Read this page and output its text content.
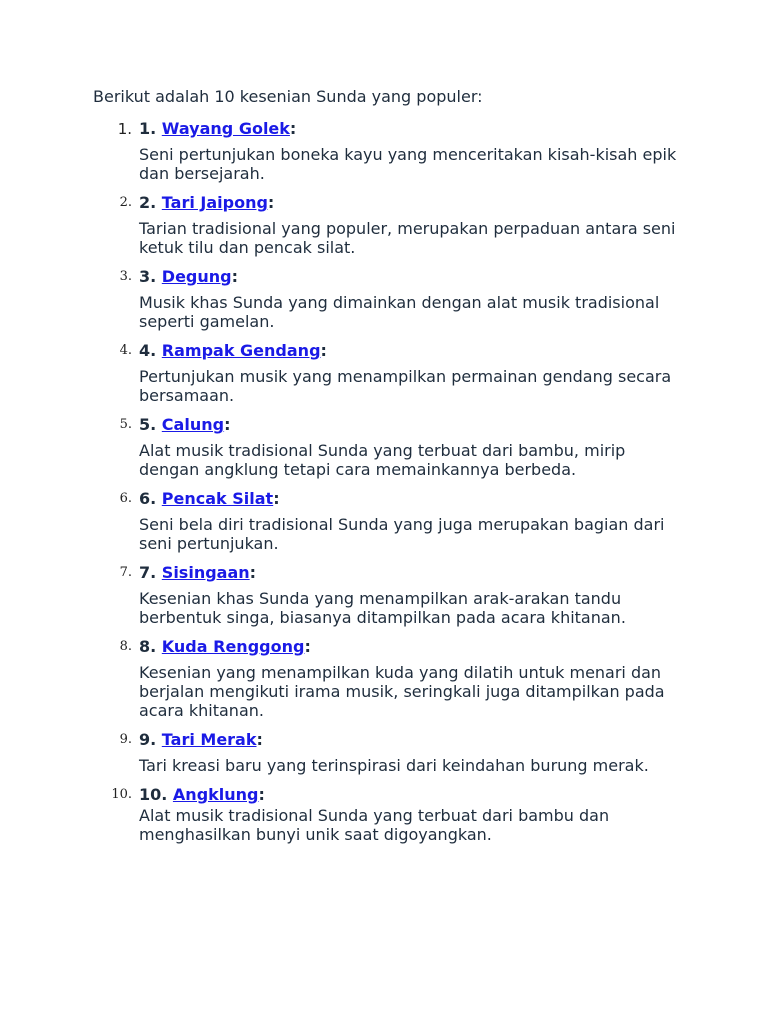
Berikut adalah 10 kesenian Sunda yang populer:
1. 1. Wayang Golek:
Seni pertunjukan boneka kayu yang menceritakan kisah-kisah epik dan bersejarah.
2. 2. Tari Jaipong:
Tarian tradisional yang populer, merupakan perpaduan antara seni ketuk tilu dan pencak silat.
3. 3. Degung:
Musik khas Sunda yang dimainkan dengan alat musik tradisional seperti gamelan.
4. 4. Rampak Gendang:
Pertunjukan musik yang menampilkan permainan gendang secara bersamaan.
5. 5. Calung:
Alat musik tradisional Sunda yang terbuat dari bambu, mirip dengan angklung tetapi cara memainkannya berbeda.
6. 6. Pencak Silat:
Seni bela diri tradisional Sunda yang juga merupakan bagian dari seni pertunjukan.
7. 7. Sisingaan:
Kesenian khas Sunda yang menampilkan arak-arakan tandu berbentuk singa, biasanya ditampilkan pada acara khitanan.
8. 8. Kuda Renggong:
Kesenian yang menampilkan kuda yang dilatih untuk menari dan berjalan mengikuti irama musik, seringkali juga ditampilkan pada acara khitanan.
9. 9. Tari Merak:
Tari kreasi baru yang terinspirasi dari keindahan burung merak.
10. 10. Angklung:
Alat musik tradisional Sunda yang terbuat dari bambu dan menghasilkan bunyi unik saat digoyangkan.
